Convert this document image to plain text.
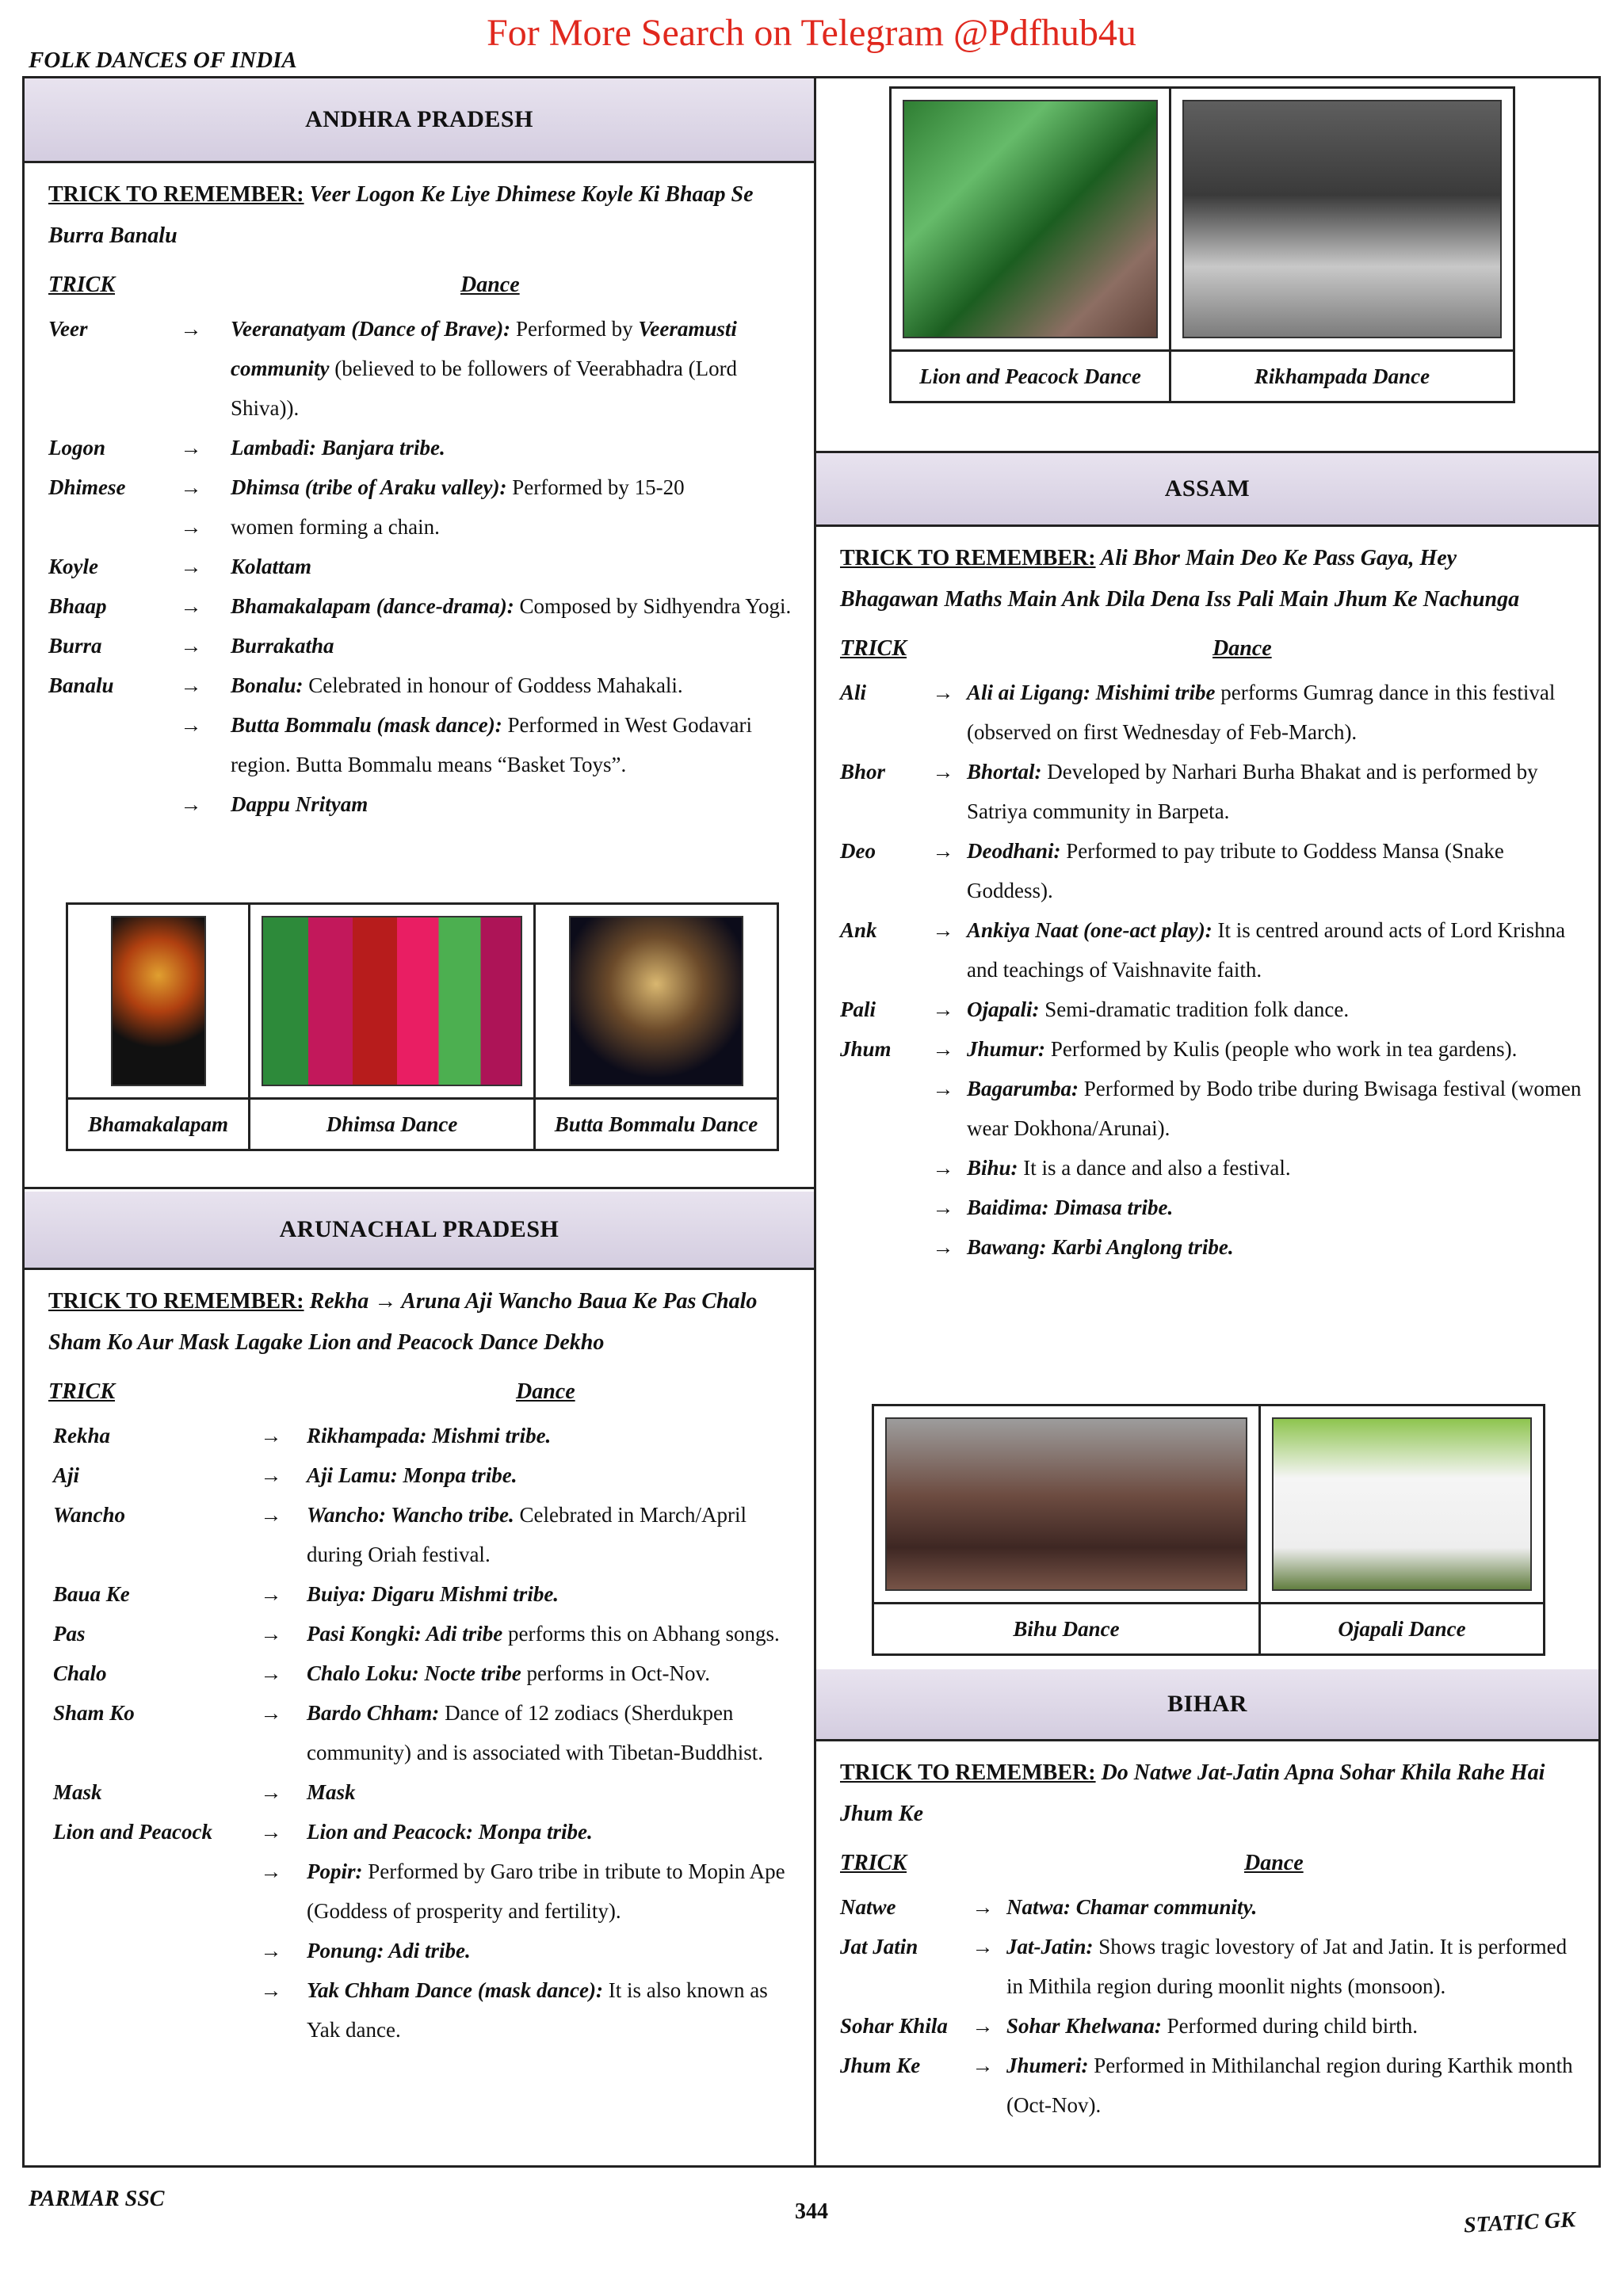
For More Search on Telegram @Pdfhub4u
FOLK DANCES OF INDIA
ANDHRA PRADESH
TRICK TO REMEMBER: Veer Logon Ke Liye Dhimese Koyle Ki Bhaap Se
Burra Banalu
TRICK	Dance
Veer	→	Veeranatyam (Dance of Brave): Performed by Veeramusti community (believed to be followers of Veerabhadra (Lord Shiva)).
Logon	→	Lambadi: Banjara tribe.
Dhimese	→	Dhimsa (tribe of Araku valley): Performed by 15-20
→	women forming a chain.
Koyle	→	Kolattam
Bhaap	→	Bhamakalapam (dance-drama): Composed by Sidhyendra Yogi.
Burra	→	Burrakatha
Banalu	→	Bonalu: Celebrated in honour of Goddess Mahakali.
→	Butta Bommalu (mask dance): Performed in West Godavari region. Butta Bommalu means “Basket Toys”.
→	Dappu Nrityam
Bhamakalapam	Dhimsa Dance	Butta Bommalu Dance
ARUNACHAL PRADESH
TRICK TO REMEMBER: Rekha → Aruna Aji Wancho Baua Ke Pas Chalo
Sham Ko Aur Mask Lagake Lion and Peacock Dance Dekho
TRICK	Dance
Rekha	→	Rikhampada: Mishmi tribe.
Aji	→	Aji Lamu: Monpa tribe.
Wancho	→	Wancho: Wancho tribe. Celebrated in March/April during Oriah festival.
Baua Ke	→	Buiya: Digaru Mishmi tribe.
Pas	→	Pasi Kongki: Adi tribe performs this on Abhang songs.
Chalo	→	Chalo Loku: Nocte tribe performs in Oct-Nov.
Sham Ko	→	Bardo Chham: Dance of 12 zodiacs (Sherdukpen community) and is associated with Tibetan-Buddhist.
Mask	→	Mask
Lion and Peacock	→	Lion and Peacock: Monpa tribe.
→	Popir: Performed by Garo tribe in tribute to Mopin Ape (Goddess of prosperity and fertility).
→	Ponung: Adi tribe.
→	Yak Chham Dance (mask dance): It is also known as Yak dance.
Lion and Peacock Dance	Rikhampada Dance
ASSAM
TRICK TO REMEMBER: Ali Bhor Main Deo Ke Pass Gaya, Hey
Bhagawan Maths Main Ank Dila Dena Iss Pali Main Jhum Ke Nachunga
TRICK	Dance
Ali	→ Ali ai Ligang: Mishimi tribe performs Gumrag dance in this festival (observed on first Wednesday of Feb-March).
Bhor	→ Bhortal: Developed by Narhari Burha Bhakat and is performed by Satriya community in Barpeta.
Deo	→ Deodhani: Performed to pay tribute to Goddess Mansa (Snake Goddess).
Ank	→ Ankiya Naat (one-act play): It is centred around acts of Lord Krishna and teachings of Vaishnavite faith.
Pali	→ Ojapali: Semi-dramatic tradition folk dance.
Jhum	→ Jhumur: Performed by Kulis (people who work in tea gardens).
→ Bagarumba: Performed by Bodo tribe during Bwisaga festival (women wear Dokhona/Arunai).
→ Bihu: It is a dance and also a festival.
→ Baidima: Dimasa tribe.
→ Bawang: Karbi Anglong tribe.
Bihu Dance	Ojapali Dance
BIHAR
TRICK TO REMEMBER: Do Natwe Jat-Jatin Apna Sohar Khila Rahe Hai
Jhum Ke
TRICK	Dance
Natwe	→ Natwa: Chamar community.
Jat Jatin	→ Jat-Jatin: Shows tragic lovestory of Jat and Jatin. It is performed in Mithila region during moonlit nights (monsoon).
Sohar Khila	→ Sohar Khelwana: Performed during child birth.
Jhum Ke	→ Jhumeri: Performed in Mithilanchal region during Karthik month (Oct-Nov).
PARMAR SSC
344	STATIC GK
